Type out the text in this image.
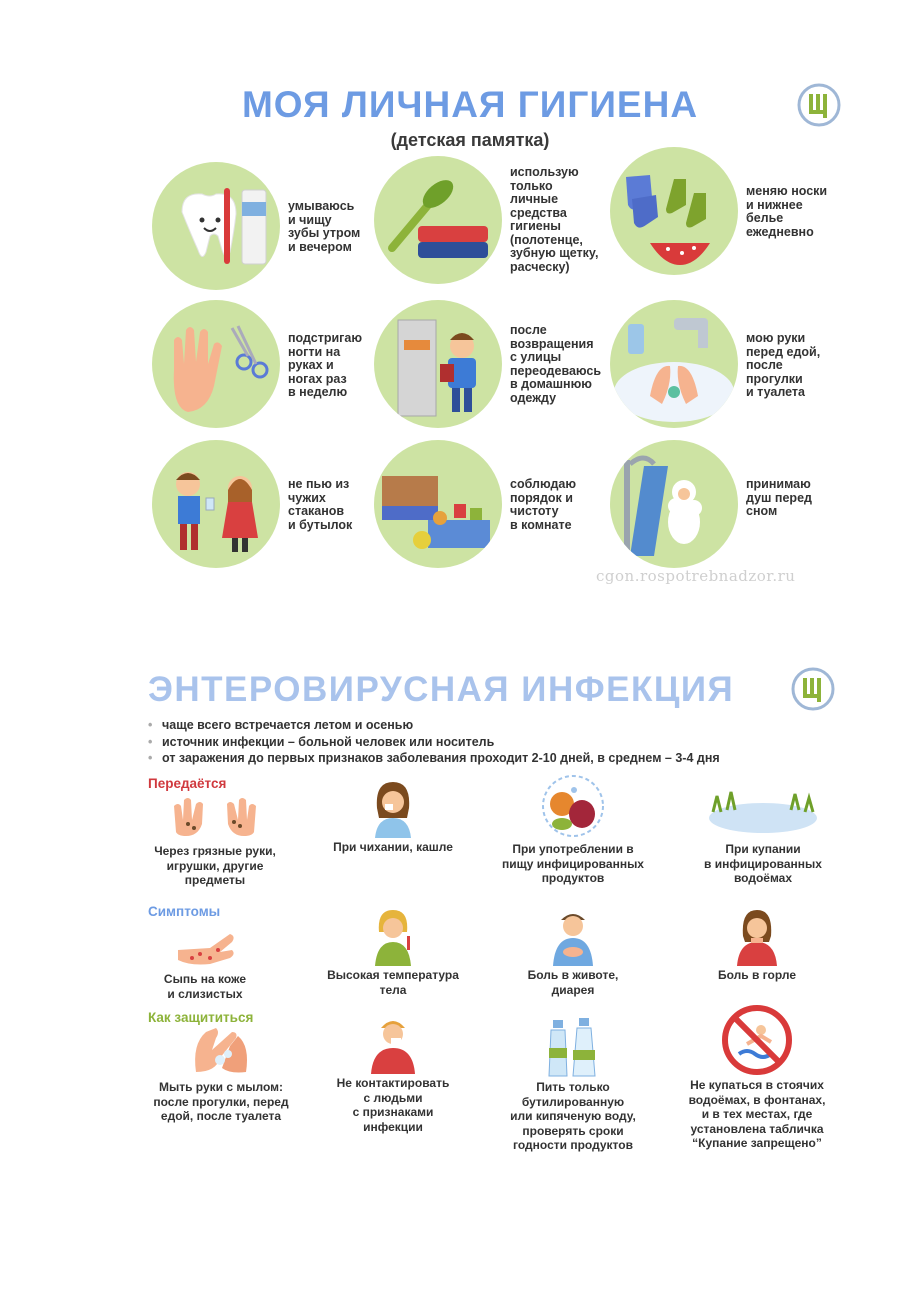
МОЯ ЛИЧНАЯ ГИГИЕНА
(детская памятка)
умываюсь
и чищу
зубы утром
и вечером
использую
только
личные
средства
гигиены
(полотенце,
зубную щетку,
расческу)
меняю носки
и нижнее
белье
ежедневно
подстригаю
ногти на
руках и
ногах раз
в неделю
после
возвращения
с улицы
переодеваюсь
в домашнюю
одежду
мою руки
перед едой,
после
прогулки
и туалета
не пью из
чужих
стаканов
и бутылок
соблюдаю
порядок и
чистоту
в комнате
принимаю
душ перед
сном
cgon.rospotrebnadzor.ru
ЭНТЕРОВИРУСНАЯ ИНФЕКЦИЯ
• чаще всего встречается летом и осенью
• источник инфекции – больной человек или носитель
• от заражения до первых признаков заболевания проходит 2-10 дней, в среднем – 3-4 дня
Передаётся
Через грязные руки,
игрушки, другие
предметы
При чихании, кашле	При употреблении в
пищу инфицированных
продуктов
При купании
в инфицированных
водоёмах
Симптомы
Сыпь на коже
и слизистых
Высокая температура
тела
Боль в животе,
диарея
Боль в горле
Как защититься
Мыть руки с мылом:
после прогулки, перед
едой, после туалета
Не контактировать
с людьми
с признаками
инфекции
Пить только
бутилированную
или кипяченую воду,
проверять сроки
годности продуктов
Не купаться в стоячих
водоёмах, в фонтанах,
и в тех местах, где
установлена табличка
“Купание запрещено”
